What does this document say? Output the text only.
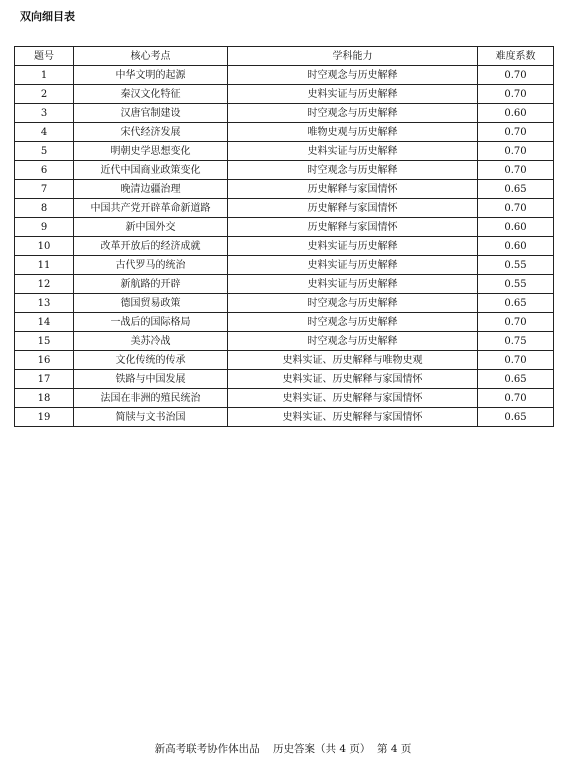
双向细目表
题号	核心考点	学科能力	难度系数
1	中华文明的起源	时空观念与历史解释	0.70
2	秦汉文化特征	史料实证与历史解释	0.70
3	汉唐官制建设	时空观念与历史解释	0.60
4	宋代经济发展	唯物史观与历史解释	0.70
5	明朝史学思想变化	史料实证与历史解释	0.70
6	近代中国商业政策变化	时空观念与历史解释	0.70
7	晚清边疆治理	历史解释与家国情怀	0.65
8	中国共产党开辟革命新道路	历史解释与家国情怀	0.70
9	新中国外交	历史解释与家国情怀	0.60
10	改革开放后的经济成就	史料实证与历史解释	0.60
11	古代罗马的统治	史料实证与历史解释	0.55
12	新航路的开辟	史料实证与历史解释	0.55
13	德国贸易政策	时空观念与历史解释	0.65
14	一战后的国际格局	时空观念与历史解释	0.70
15	美苏冷战	时空观念与历史解释	0.75
16	文化传统的传承	史料实证、历史解释与唯物史观	0.70
17	铁路与中国发展	史料实证、历史解释与家国情怀	0.65
18	法国在非洲的殖民统治	史料实证、历史解释与家国情怀	0.70
19	简牍与文书治国	史料实证、历史解释与家国情怀	0.65
新高考联考协作体出品    历史答案（共 4 页）  第 4 页
